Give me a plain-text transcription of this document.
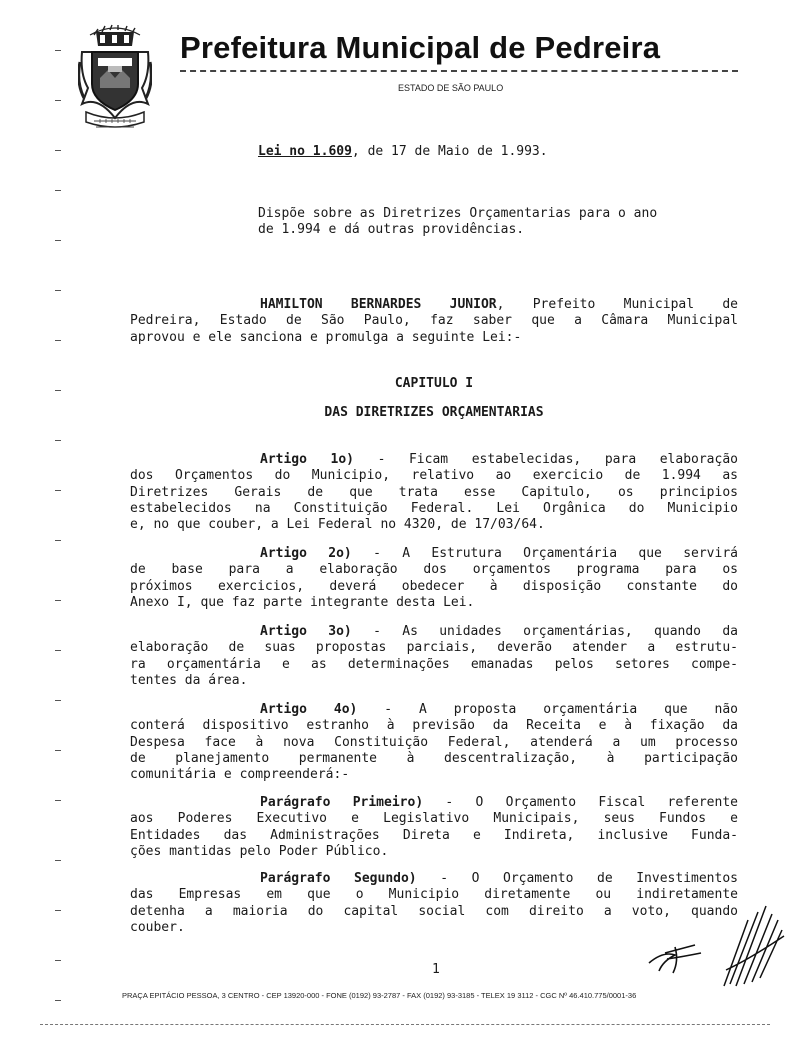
Prefeitura Municipal de Pedreira
ESTADO DE SÃO PAULO
Lei no 1.609, de 17 de Maio de 1.993.
Dispõe sobre as Diretrizes Orçamentarias para o ano
de 1.994 e dá outras providências.
HAMILTON BERNARDES JUNIOR, Prefeito Municipal de
Pedreira, Estado de São Paulo, faz saber que a Câmara Municipal
aprovou e ele sanciona e promulga a seguinte Lei:-
CAPITULO I
DAS DIRETRIZES ORÇAMENTARIAS
Artigo 1o) - Ficam estabelecidas, para elaboração
dos Orçamentos do Municipio, relativo ao exercicio de 1.994 as
Diretrizes Gerais de que trata esse Capitulo, os principios
estabelecidos na Constituição Federal. Lei Orgânica do Municipio
e, no que couber, a Lei Federal no 4320, de 17/03/64.
Artigo 2o) - A Estrutura Orçamentária que servirá
de base para a elaboração dos orçamentos programa para os
próximos exercicios, deverá obedecer à disposição constante do
Anexo I, que faz parte integrante desta Lei.
Artigo 3o) - As unidades orçamentárias, quando da
elaboração de suas propostas parciais, deverão atender a estrutu-
ra orçamentária e as determinações emanadas pelos setores compe-
tentes da área.
Artigo 4o) - A proposta orçamentária que não
conterá dispositivo estranho à previsão da Receita e à fixação da
Despesa face à nova Constituição Federal, atenderá a um processo
de planejamento permanente à descentralização, à participação
comunitária e compreenderá:-
Parágrafo Primeiro) - O Orçamento Fiscal referente
aos Poderes Executivo e Legislativo Municipais, seus Fundos e
Entidades das Administrações Direta e Indireta, inclusive Funda-
ções mantidas pelo Poder Público.
Parágrafo Segundo) - O Orçamento de Investimentos
das Empresas em que o Municipio diretamente ou indiretamente
detenha a maioria do capital social com direito a voto, quando
couber.
1
PRAÇA EPITÁCIO PESSOA, 3 CENTRO - CEP 13920-000 - FONE (0192) 93-2787 - FAX (0192) 93-3185 - TELEX 19 3112 - CGC Nº 46.410.775/0001-36
